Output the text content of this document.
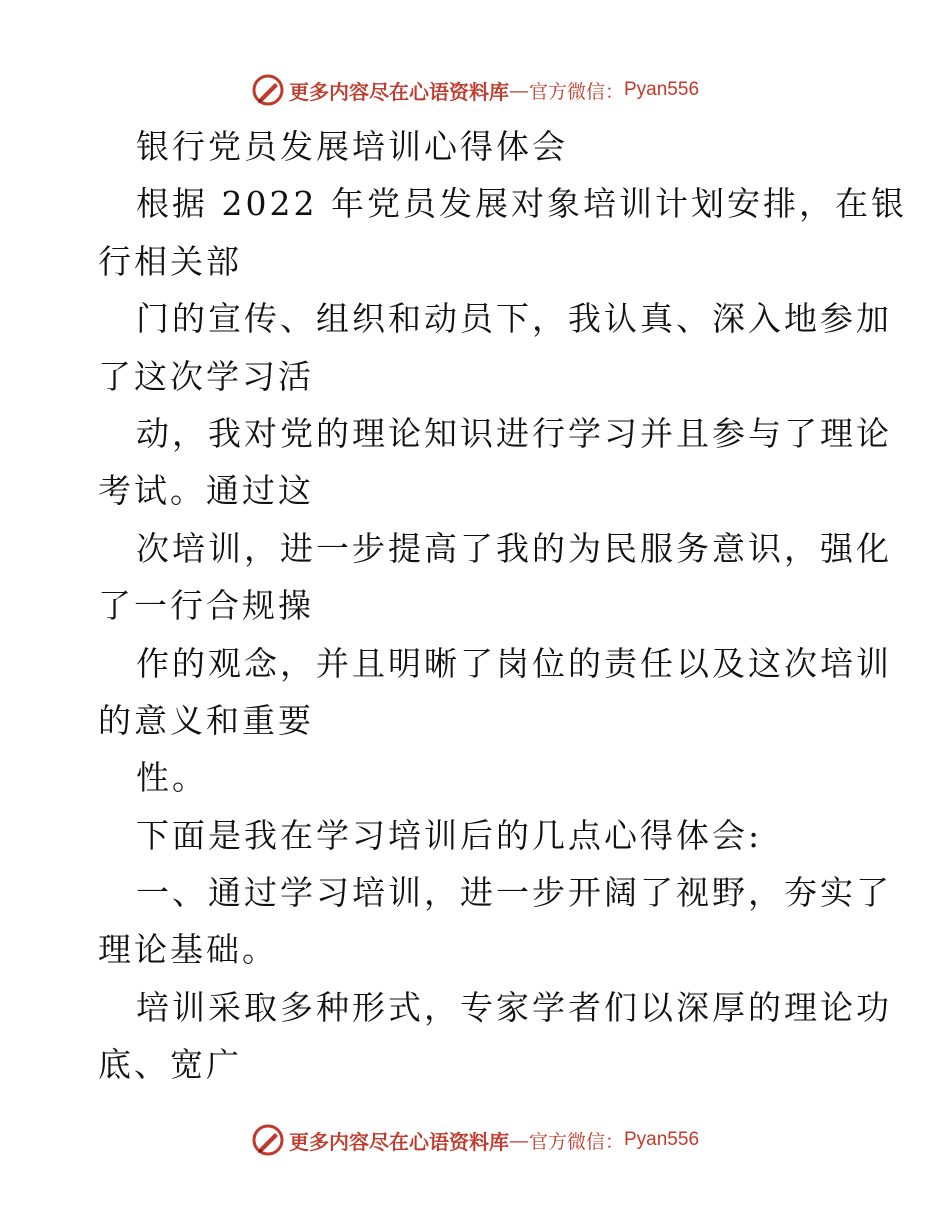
更多内容尽在心语资料库 — 官方微信： Pyan556
银行党员发展培训心得体会
根据 2022 年党员发展对象培训计划安排，在银
行相关部
门的宣传、组织和动员下，我认真、深入地参加
了这次学习活
动，我对党的理论知识进行学习并且参与了理论
考试。通过这
次培训，进一步提高了我的为民服务意识，强化
了一行合规操
作的观念，并且明晰了岗位的责任以及这次培训
的意义和重要
性。
下面是我在学习培训后的几点心得体会:
一、通过学习培训，进一步开阔了视野，夯实了
理论基础。
培训采取多种形式，专家学者们以深厚的理论功
底、宽广
更多内容尽在心语资料库 — 官方微信： Pyan556
